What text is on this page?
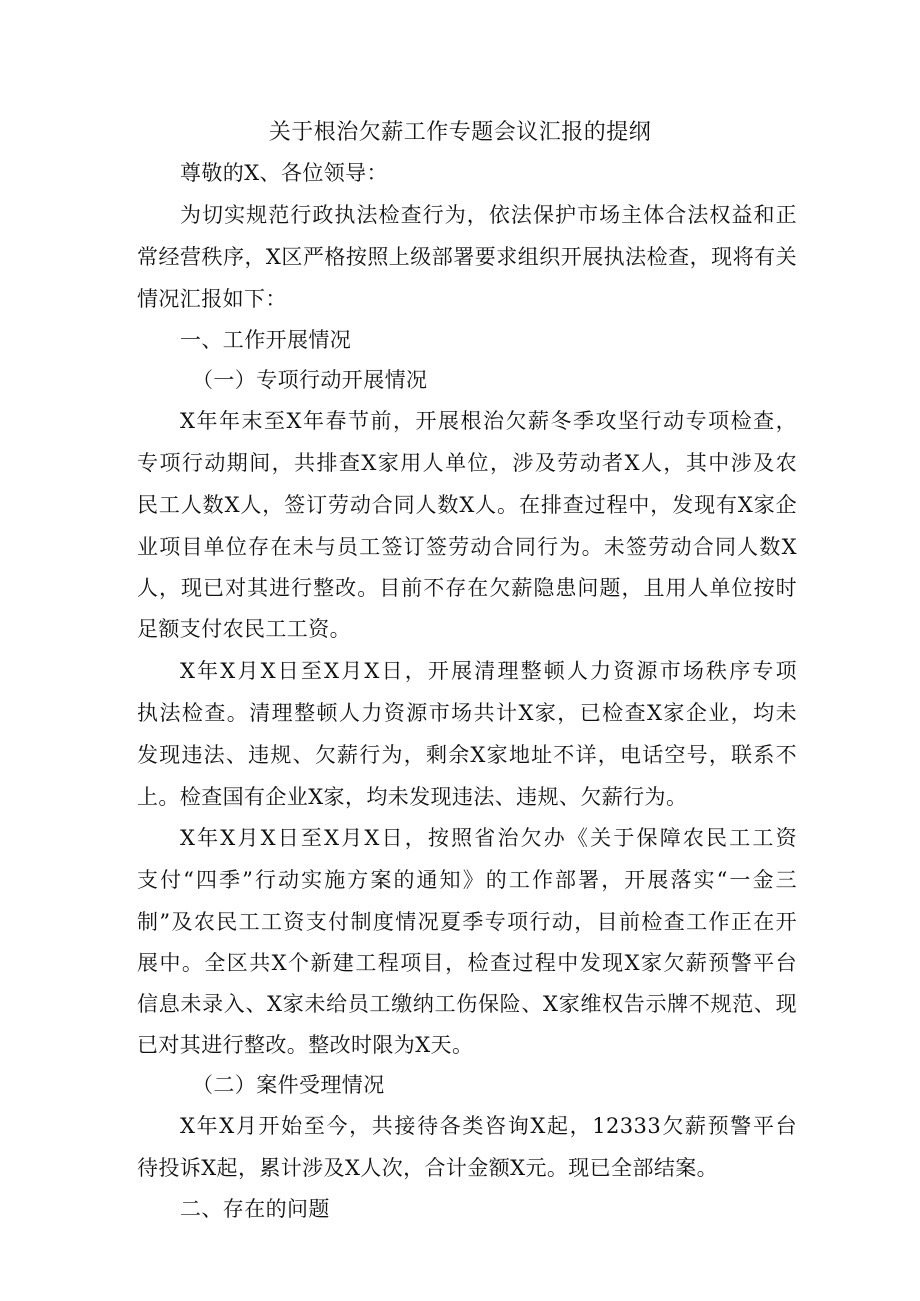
关于根治欠薪工作专题会议汇报的提纲
尊敬的X、各位领导：
为切实规范行政执法检查行为，依法保护市场主体合法权益和正
常经营秩序，X区严格按照上级部署要求组织开展执法检查，现将有关
情况汇报如下：
一、工作开展情况
（一）专项行动开展情况
X年年末至X年春节前，开展根治欠薪冬季攻坚行动专项检查，
专项行动期间，共排查X家用人单位，涉及劳动者X人，其中涉及农
民工人数X人，签订劳动合同人数X人。在排查过程中，发现有X家企
业项目单位存在未与员工签订签劳动合同行为。未签劳动合同人数X
人，现已对其进行整改。目前不存在欠薪隐患问题，且用人单位按时
足额支付农民工工资。
X年X月X日至X月X日，开展清理整顿人力资源市场秩序专项
执法检查。清理整顿人力资源市场共计X家，已检查X家企业，均未
发现违法、违规、欠薪行为，剩余X家地址不详，电话空号，联系不
上。检查国有企业X家，均未发现违法、违规、欠薪行为。
X年X月X日至X月X日，按照省治欠办《关于保障农民工工资
支付“四季”行动实施方案的通知》的工作部署，开展落实“一金三
制”及农民工工资支付制度情况夏季专项行动，目前检查工作正在开
展中。全区共X个新建工程项目，检查过程中发现X家欠薪预警平台
信息未录入、X家未给员工缴纳工伤保险、X家维权告示牌不规范、现
已对其进行整改。整改时限为X天。
（二）案件受理情况
X年X月开始至今，共接待各类咨询X起，12333欠薪预警平台
待投诉X起，累计涉及X人次，合计金额X元。现已全部结案。
二、存在的问题
